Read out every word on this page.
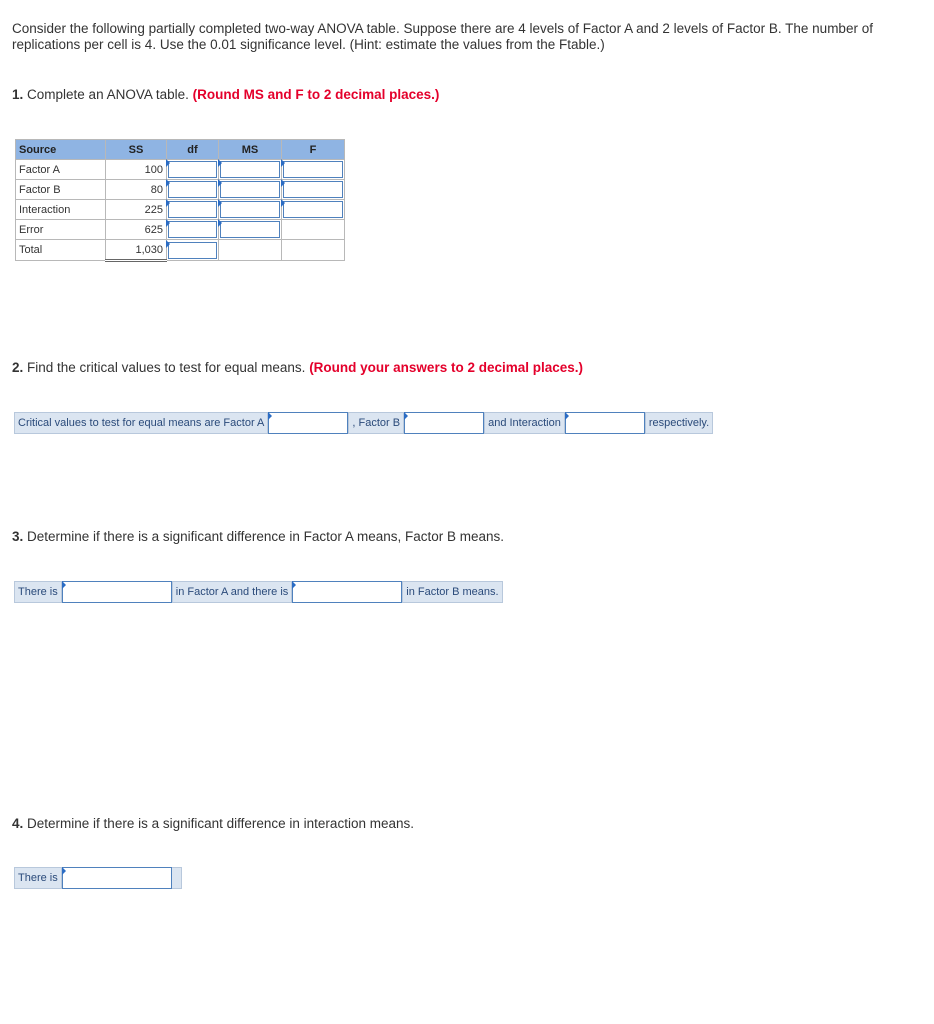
Consider the following partially completed two-way ANOVA table. Suppose there are 4 levels of Factor A and 2 levels of Factor B. The number of replications per cell is 4. Use the 0.01 significance level. (Hint: estimate the values from the Ftable.)
1. Complete an ANOVA table. (Round MS and F to 2 decimal places.)
Source	SS	df	MS	F
Factor A	100	

Factor B	80	

Interaction	225	

Error	625	

Total	1,030	

2. Find the critical values to test for equal means. (Round your answers to 2 decimal places.)
Critical values to test for equal means are Factor A	, Factor B	and Interaction	respectively.
3. Determine if there is a significant difference in Factor A means, Factor B means.
There is	in Factor A and there is	in Factor B means.
4. Determine if there is a significant difference in interaction means.
There is
